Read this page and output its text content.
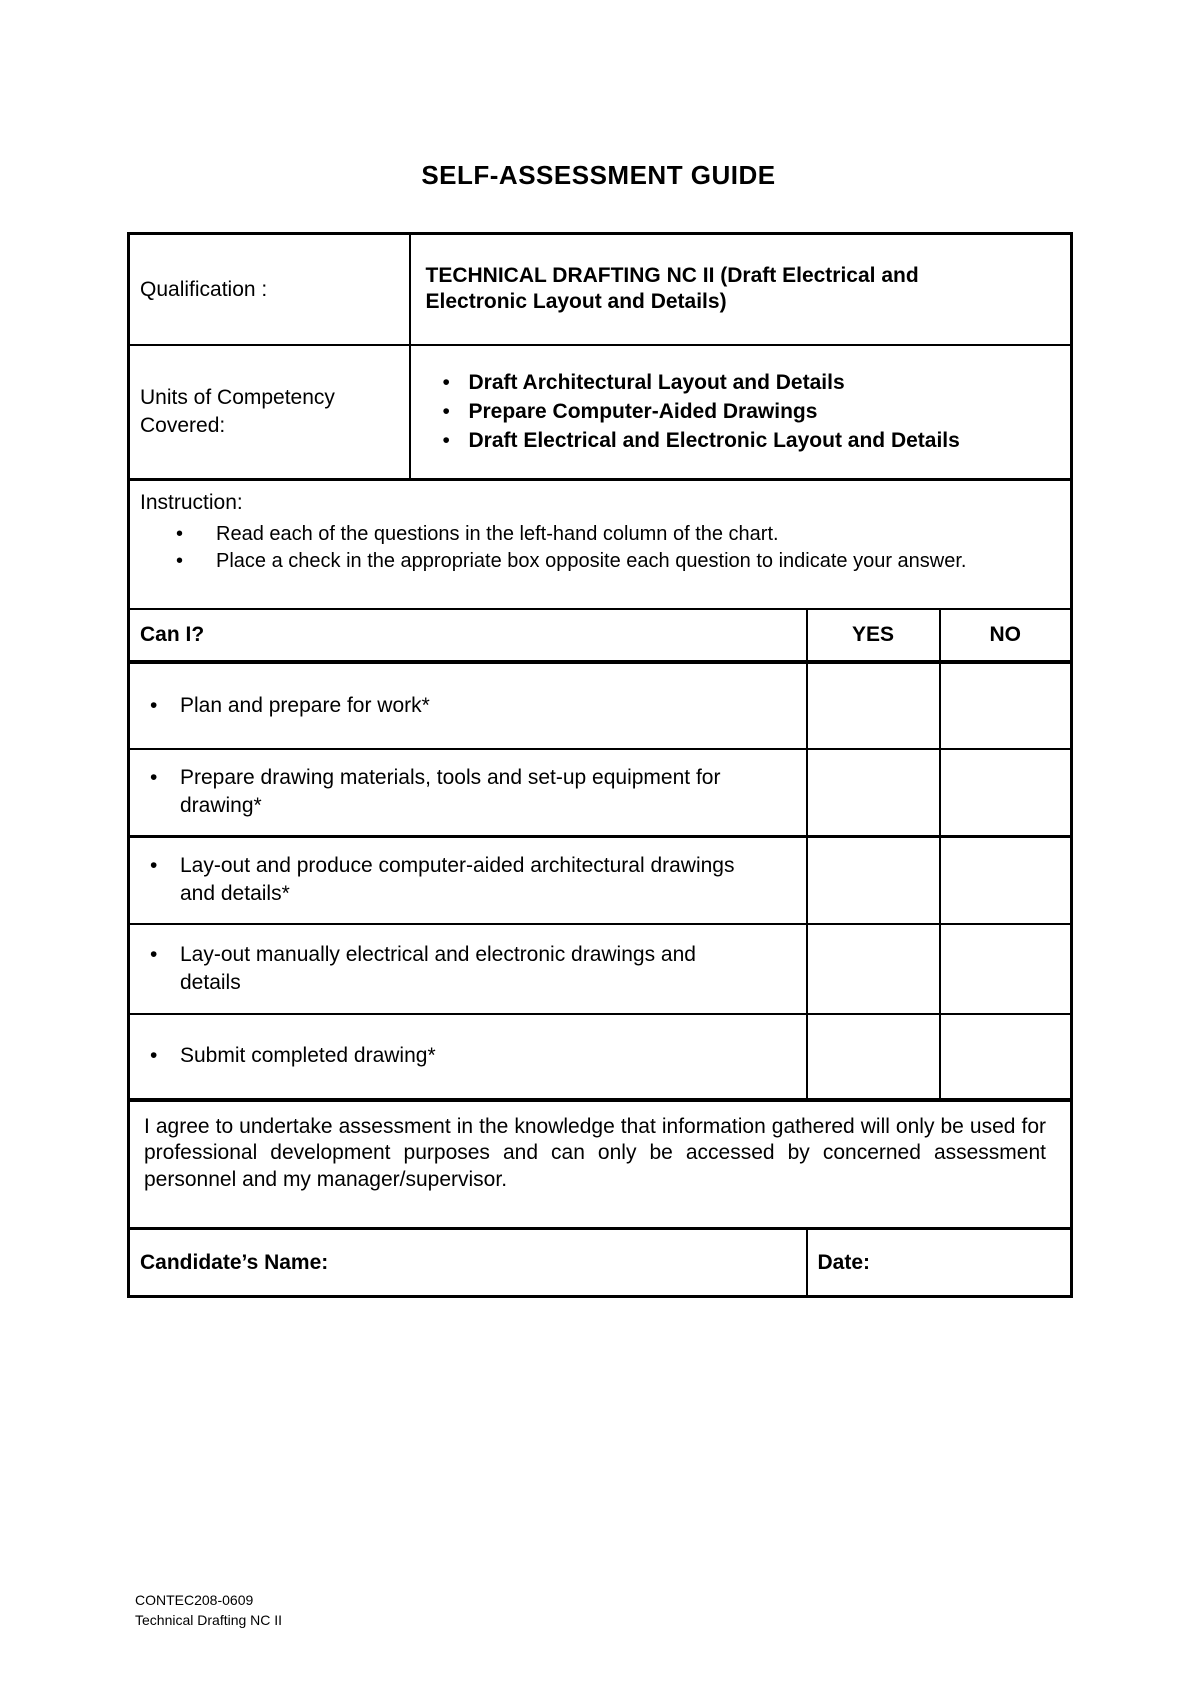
SELF-ASSESSMENT GUIDE
Qualification :	TECHNICAL DRAFTING NC II (Draft Electrical and Electronic Layout and Details)		

Units of Competency Covered:	
• Draft Architectural Layout and Details
• Prepare Computer-Aided Drawings
• Draft Electrical and Electronic Layout and Details

Instruction:
• Read each of the questions in the left-hand column of the chart.
• Place a check in the appropriate box opposite each question to indicate your answer.			

Can I?		YES	NO

• Plan and prepare for work*			

• Prepare drawing materials, tools and set-up equipment for drawing*			

• Lay-out and produce computer-aided architectural drawings and details*			

• Lay-out manually electrical and electronic drawings and details			

• Submit completed drawing*			

I agree to undertake assessment in the knowledge that information gathered will only be used for professional development purposes and can only be accessed by concerned assessment personnel and my manager/supervisor.			

Candidate’s Name:		Date:	
CONTEC208-0609
Technical Drafting NC II
